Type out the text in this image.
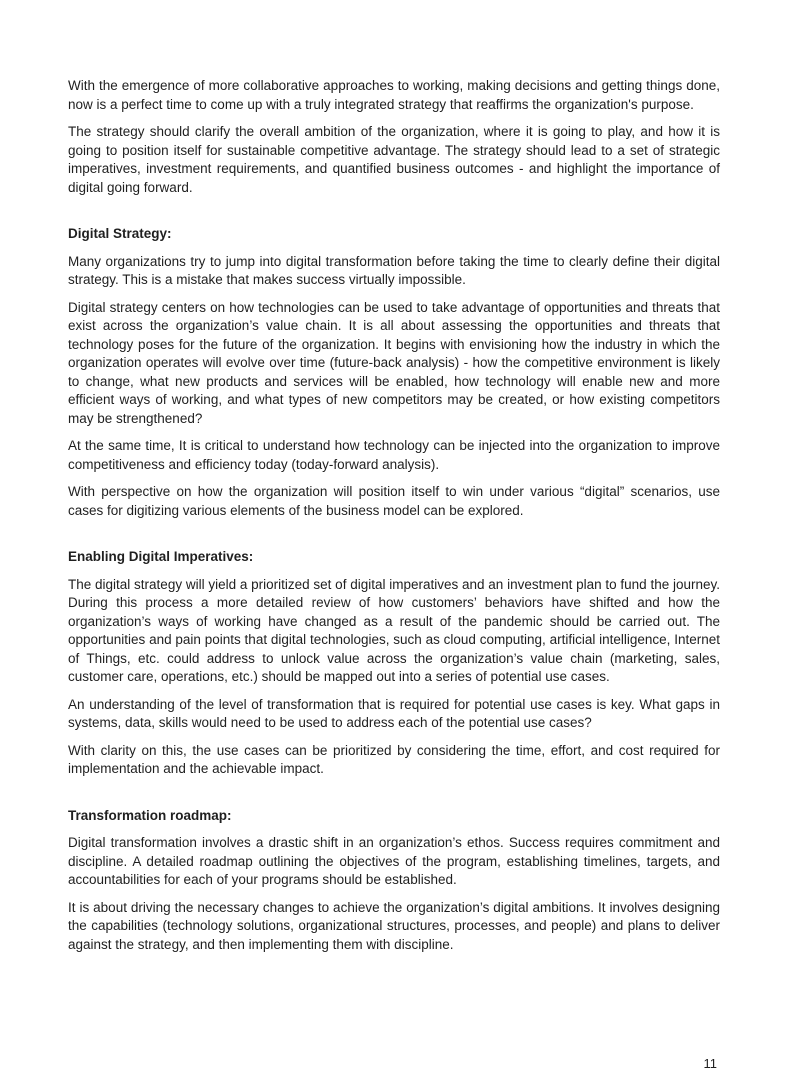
With the emergence of more collaborative approaches to working, making decisions and getting things done, now is a perfect time to come up with a truly integrated strategy that reaffirms the organization's purpose.

The strategy should clarify the overall ambition of the organization, where it is going to play, and how it is going to position itself for sustainable competitive advantage. The strategy should lead to a set of strategic imperatives, investment requirements, and quantified business outcomes - and highlight the importance of digital going forward.

Digital Strategy:

Many organizations try to jump into digital transformation before taking the time to clearly define their digital strategy. This is a mistake that makes success virtually impossible.

Digital strategy centers on how technologies can be used to take advantage of opportunities and threats that exist across the organization’s value chain. It is all about assessing the opportunities and threats that technology poses for the future of the organization. It begins with envisioning how the industry in which the organization operates will evolve over time (future-back analysis) - how the competitive environment is likely to change, what new products and services will be enabled, how technology will enable new and more efficient ways of working, and what types of new competitors may be created, or how existing competitors may be strengthened?

At the same time, It is critical to understand how technology can be injected into the organization to improve competitiveness and efficiency today (today-forward analysis).

With perspective on how the organization will position itself to win under various “digital” scenarios, use cases for digitizing various elements of the business model can be explored.

Enabling Digital Imperatives:

The digital strategy will yield a prioritized set of digital imperatives and an investment plan to fund the journey. During this process a more detailed review of how customers’ behaviors have shifted and how the organization’s ways of working have changed as a result of the pandemic should be carried out. The opportunities and pain points that digital technologies, such as cloud computing, artificial intelligence, Internet of Things, etc. could address to unlock value across the organization’s value chain (marketing, sales, customer care, operations, etc.) should be mapped out into a series of potential use cases.

An understanding of the level of transformation that is required for potential use cases is key. What gaps in systems, data, skills would need to be used to address each of the potential use cases?

With clarity on this, the use cases can be prioritized by considering the time, effort, and cost required for implementation and the achievable impact.

Transformation roadmap:

Digital transformation involves a drastic shift in an organization’s ethos. Success requires commitment and discipline. A detailed roadmap outlining the objectives of the program, establishing timelines, targets, and accountabilities for each of your programs should be established.

It is about driving the necessary changes to achieve the organization’s digital ambitions. It involves designing the capabilities (technology solutions, organizational structures, processes, and people) and plans to deliver against the strategy, and then implementing them with discipline.

11
